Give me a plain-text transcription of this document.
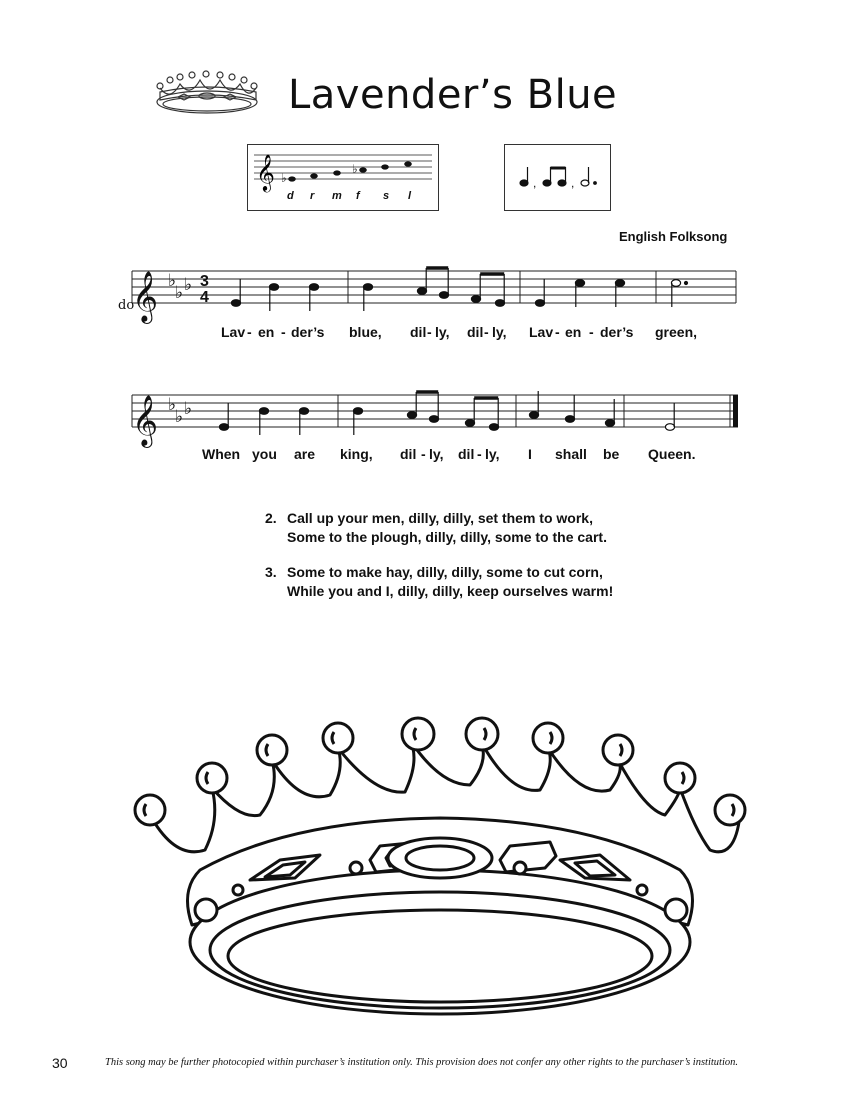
Lavender’s Blue
𝄞 ♭
♭
d r m f s l
,	,
English Folksong
𝄞 ♭
♭ ♭ 3
4
do
Lav - en - der’s blue, dil - ly, dil - ly, Lav - en - der’s green,
𝄞 ♭
♭ ♭
When you are king, dil - ly, dil - ly, I shall be Queen.
2. Call up your men, dilly, dilly, set them to work,
Some to the plough, dilly, dilly, some to the cart.
3. Some to make hay, dilly, dilly, some to cut corn,
While you and I, dilly, dilly, keep ourselves warm!
30	This song may be further photocopied within purchaser’s institution only. This provision does not confer any other rights to the purchaser’s institution.
